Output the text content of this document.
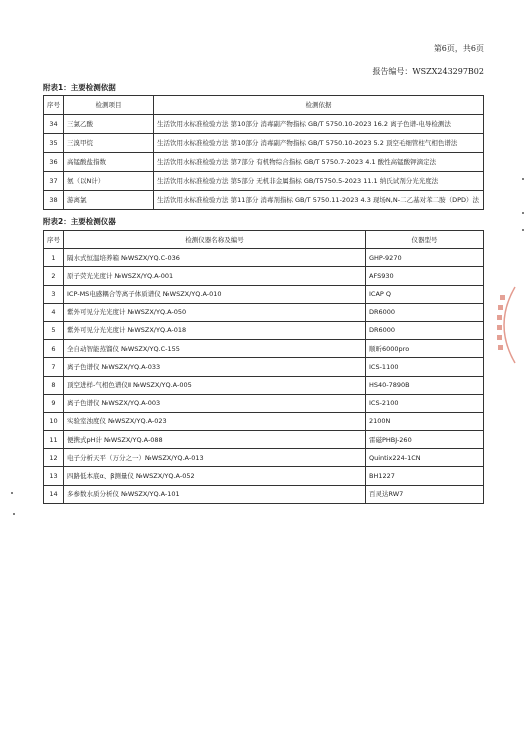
第6页，共6页
报告编号：WSZX243297B02
附表1：主要检测依据
序号	检测项目	检测依据
34	三氯乙酸	生活饮用水标准检验方法 第10部分 消毒副产物指标 GB/T 5750.10-2023 16.2 离子色谱-电导检测法
35	三溴甲烷	生活饮用水标准检验方法 第10部分 消毒副产物指标 GB/T 5750.10-2023 5.2 顶空毛细管柱气相色谱法
36	高锰酸盐指数	生活饮用水标准检验方法 第7部分 有机物综合指标 GB/T 5750.7-2023 4.1 酸性高锰酸钾滴定法
37	氨（以N计）	生活饮用水标准检验方法 第5部分 无机非金属指标 GB/T5750.5-2023 11.1 纳氏试剂分光光度法
38	游离氯	生活饮用水标准检验方法 第11部分 消毒剂指标 GB/T 5750.11-2023 4.3 现场N,N-二乙基对苯二胺（DPD）法
附表2：主要检测仪器
序号	检测仪器名称及编号	仪器型号
1	隔水式恒温培养箱 №WSZX/YQ.C-036	GHP-9270
2	原子荧光光度计 №WSZX/YQ.A-001	AFS930
3	ICP-MS电感耦合等离子体质谱仪 №WSZX/YQ.A-010	ICAP Q
4	紫外可见分光光度计 №WSZX/YQ.A-050	DR6000
5	紫外可见分光光度计 №WSZX/YQ.A-018	DR6000
6	全自动智能蒸馏仪 №WSZX/YQ.C-155	顺昕6000pro
7	离子色谱仪 №WSZX/YQ.A-033	ICS-1100
8	顶空进样-气相色谱仪Ⅱ №WSZX/YQ.A-005	HS40-7890B
9	离子色谱仪 №WSZX/YQ.A-003	ICS-2100
10	实验室浊度仪 №WSZX/YQ.A-023	2100N
11	便携式pH计 №WSZX/YQ.A-088	雷磁PHBJ-260
12	电子分析天平（万分之一）№WSZX/YQ.A-013	Quintix224-1CN
13	四路低本底α、β测量仪 №WSZX/YQ.A-052	BH1227
14	多参数水质分析仪 №WSZX/YQ.A-101	百灵达RW7
